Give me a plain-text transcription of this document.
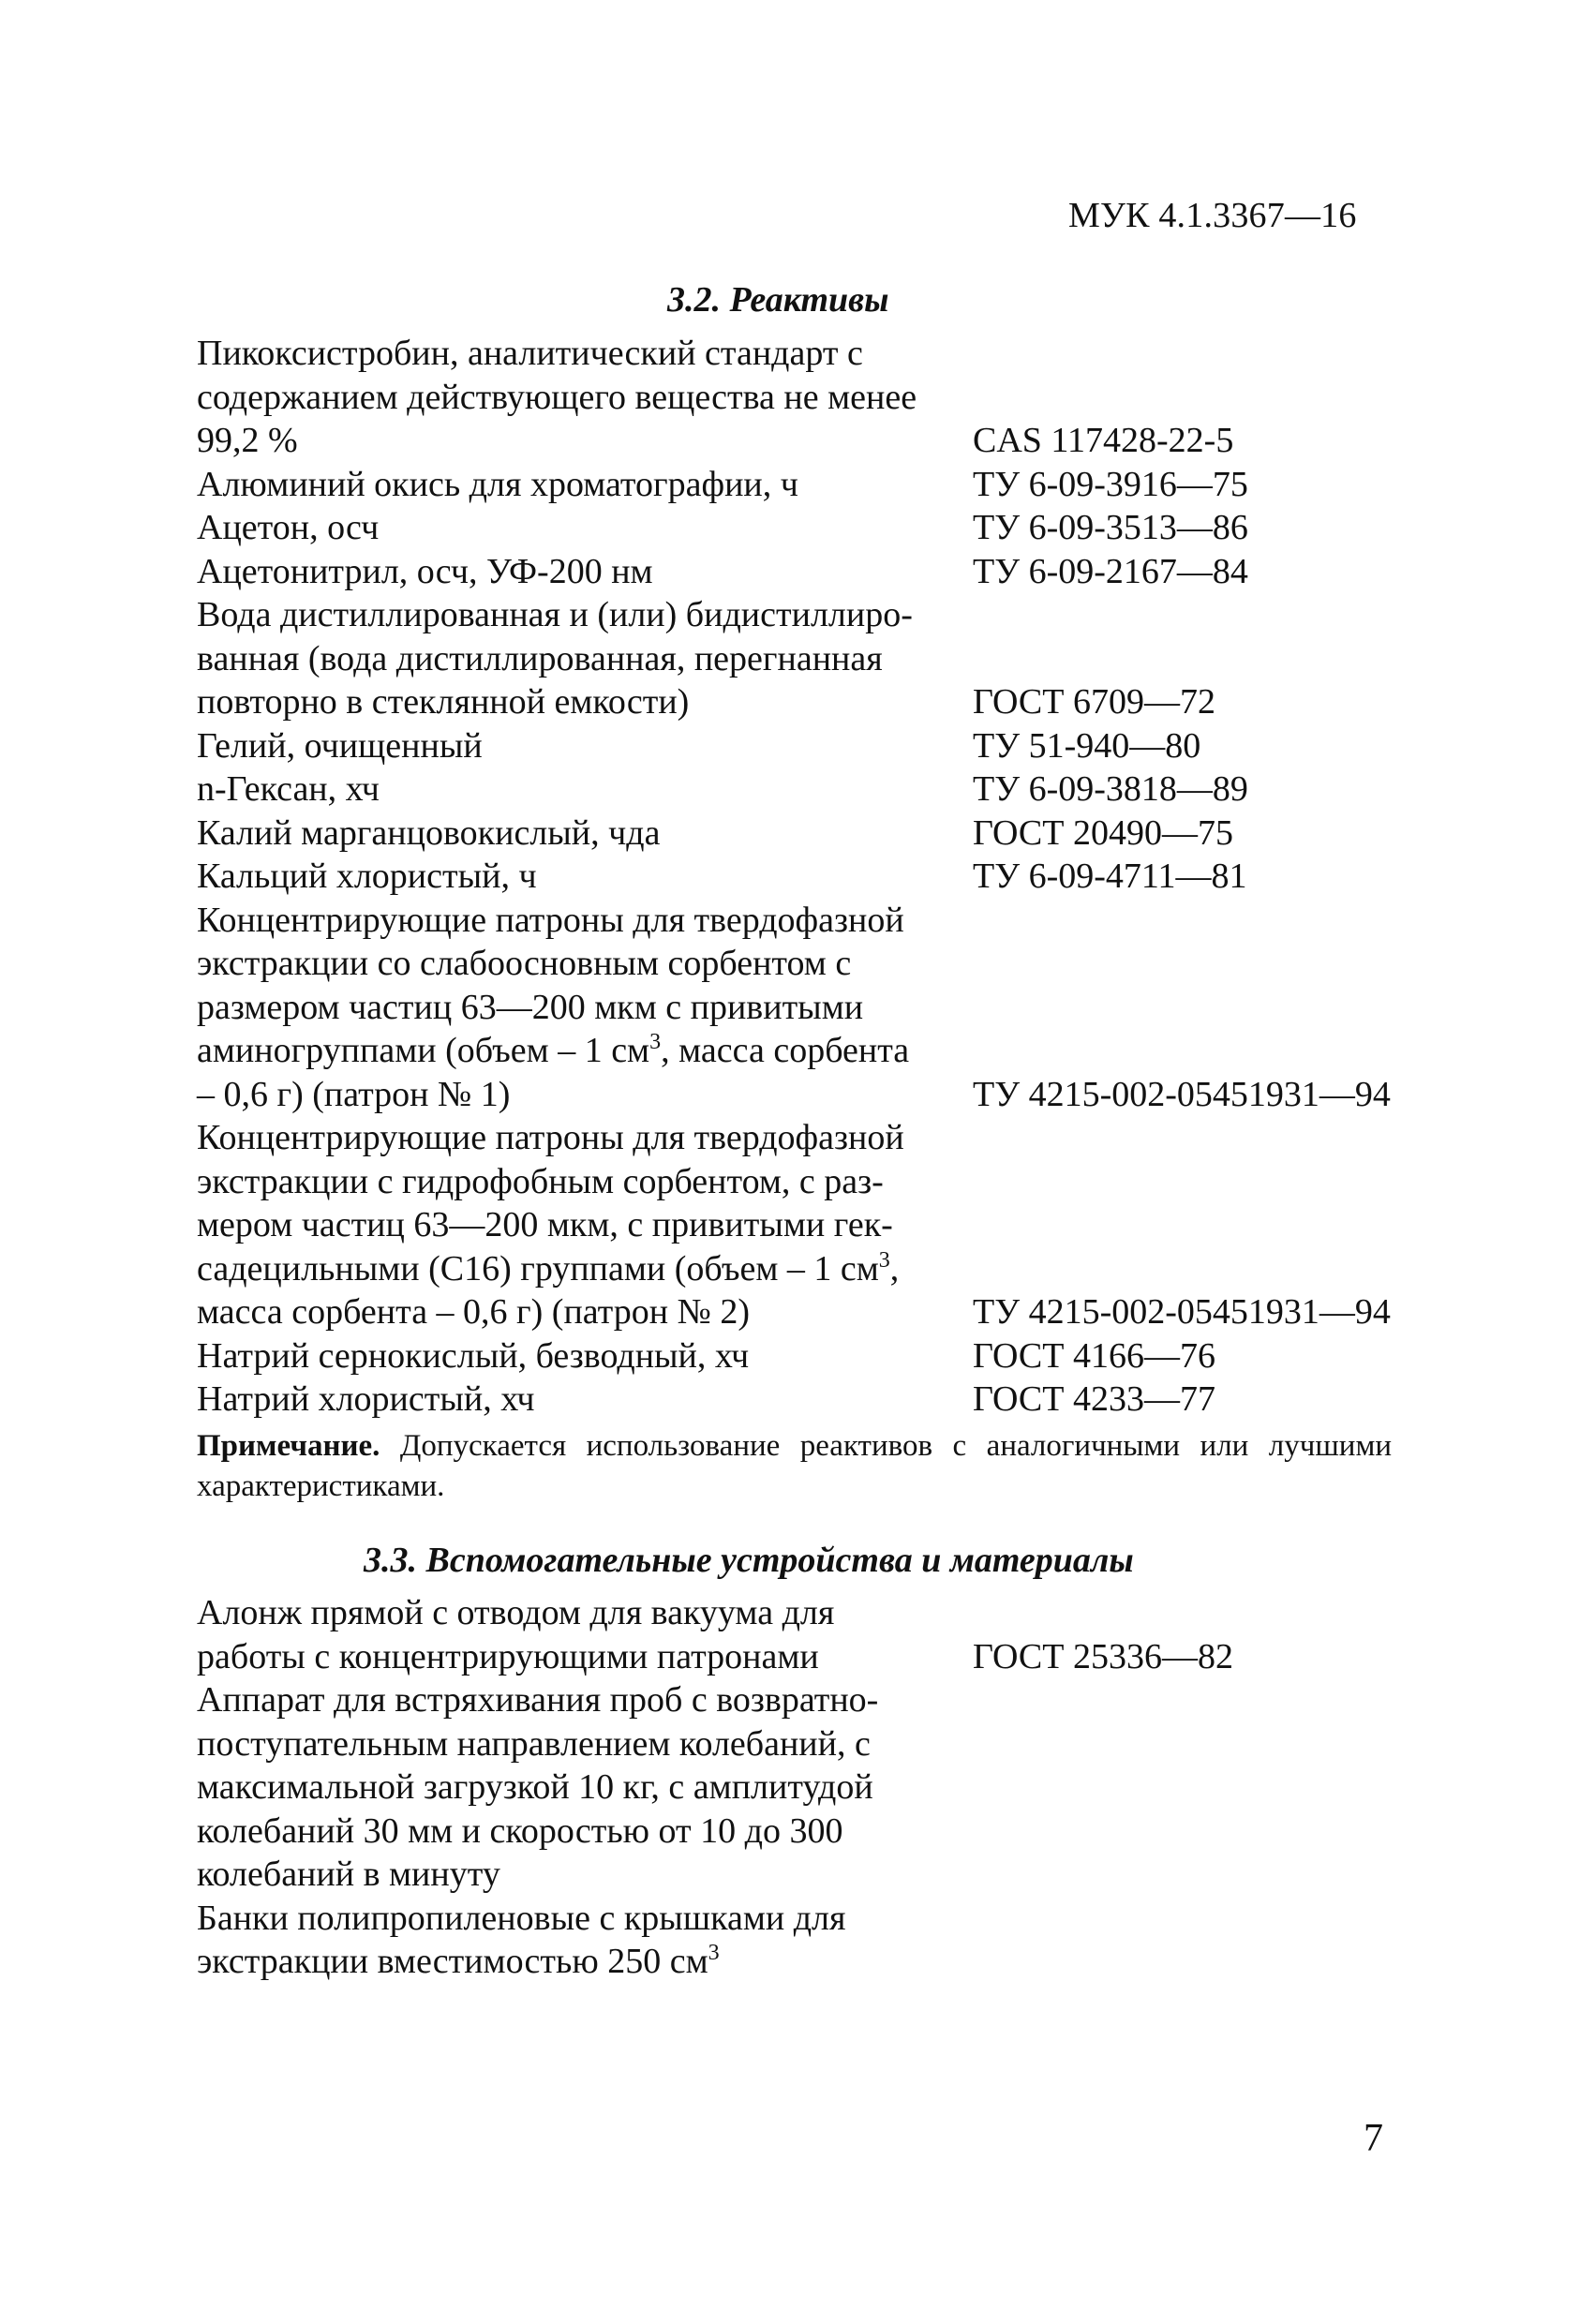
МУК 4.1.3367—16
3.2. Реактивы
Пикоксистробин, аналитический стандарт с
содержанием действующего вещества не менее
99,2 %	CAS 117428-22-5
Алюминий окись для хроматографии, ч	ТУ 6-09-3916—75
Ацетон, осч	ТУ 6-09-3513—86
Ацетонитрил, осч, УФ-200 нм	ТУ 6-09-2167—84
Вода дистиллированная и (или) бидистиллиро-
ванная (вода дистиллированная, перегнанная
повторно в стеклянной емкости)	ГОСТ 6709—72
Гелий, очищенный	ТУ 51-940—80
n-Гексан, хч	ТУ 6-09-3818—89
Калий марганцовокислый, чда	ГОСТ 20490—75
Кальций хлористый, ч	ТУ 6-09-4711—81
Концентрирующие патроны для твердофазной
экстракции со слабоосновным сорбентом с
размером частиц 63—200 мкм с привитыми
аминогруппами (объем – 1 $см^3$, масса сорбента
– 0,6 г) (патрон № 1)	ТУ 4215-002-05451931—94
Концентрирующие патроны для твердофазной
экстракции с гидрофобным сорбентом, с раз-
мером частиц 63—200 мкм, с привитыми гек-
садецильными (С16) группами (объем – 1 $см^3$,
масса сорбента – 0,6 г) (патрон № 2)	ТУ 4215-002-05451931—94
Натрий сернокислый, безводный, хч	ГОСТ 4166—76
Натрий хлористый, хч	ГОСТ 4233—77
Примечание. Допускается использование реактивов с аналогичными или лучшими характеристиками.
3.3. Вспомогательные устройства и материалы
Алонж прямой с отводом для вакуума для
работы с концентрирующими патронами	ГОСТ 25336—82
Аппарат для встряхивания проб с возвратно-
поступательным направлением колебаний, с
максимальной загрузкой 10 кг, с амплитудой
колебаний 30 мм и скоростью от 10 до 300
колебаний в минуту
Банки полипропиленовые с крышками для
экстракции вместимостью 250 $см^3$
7
